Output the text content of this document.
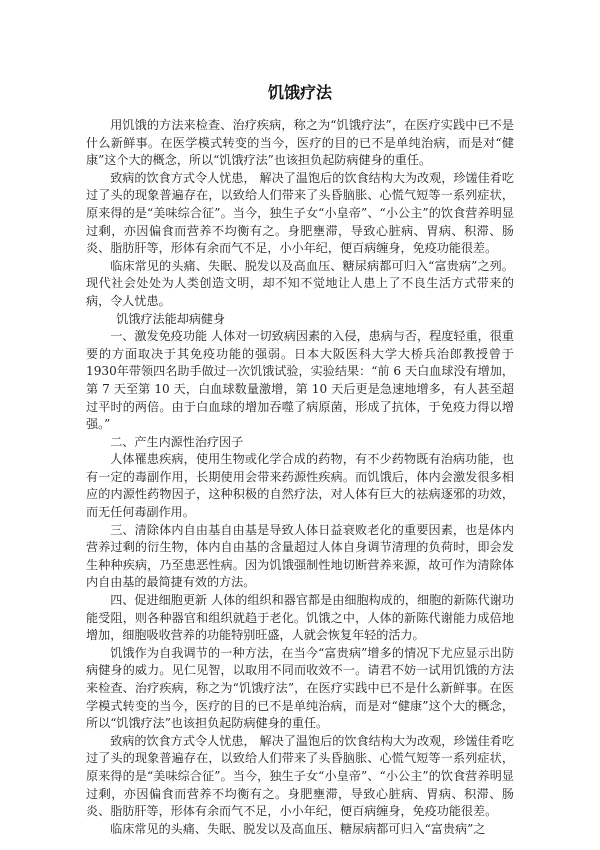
饥饿疗法

用饥饿的方法来检查、治疗疾病，称之为“饥饿疗法”，在医疗实践中已不是什么新鲜事。在医学模式转变的当今，医疗的目的已不是单纯治病，而是对“健康”这个大的概念，所以“饥饿疗法”也该担负起防病健身的重任。

致病的饮食方式令人忧患， 解决了温饱后的饮食结构大为改观，珍馐佳肴吃过了头的现象普遍存在，以致给人们带来了头昏脑胀、心慌气短等一系列症状，原来得的是“美味综合征”。当今，独生子女“小皇帝”、“小公主”的饮食营养明显过剩，亦因偏食而营养不均衡有之。身肥壅滞，导致心脏病、胃病、积滞、肠炎、脂肪肝等，形体有余而气不足，小小年纪，便百病缠身，免疫功能很差。

临床常见的头痛、失眠、脱发以及高血压、糖尿病都可归入“富贵病”之列。现代社会处处为人类创造文明，却不知不觉地让人患上了不良生活方式带来的病，令人忧患。

饥饿疗法能却病健身

一、激发免疫功能 人体对一切致病因素的入侵，患病与否，程度轻重，很重要的方面取决于其免疫功能的强弱。日本大阪医科大学大桥兵治郎教授曾于1930年带领四名助手做过一次饥饿试验，实验结果：“前 6 天白血球没有增加，第 7 天至第 10 天，白血球数量激增，第 10 天后更是急速地增多，有人甚至超过平时的两倍。由于白血球的增加吞噬了病原菌，形成了抗体，于免疫力得以增强。”

二、产生内源性治疗因子

人体罹患疾病，使用生物或化学合成的药物，有不少药物既有治病功能，也有一定的毒副作用，长期使用会带来药源性疾病。而饥饿后，体内会激发很多相应的内源性药物因子，这种积极的自然疗法，对人体有巨大的祛病逐邪的功效，而无任何毒副作用。

三、清除体内自由基自由基是导致人体日益衰败老化的重要因素，也是体内营养过剩的衍生物，体内自由基的含量超过人体自身调节清理的负荷时，即会发生种种疾病，乃至患恶性病。因为饥饿强制性地切断营养来源，故可作为清除体内自由基的最简捷有效的方法。

四、促进细胞更新 人体的组织和器官都是由细胞构成的，细胞的新陈代谢功能受阻，则各种器官和组织就趋于老化。饥饿之中，人体的新陈代谢能力成倍地增加，细胞吸收营养的功能特别旺盛，人就会恢复年轻的活力。

饥饿作为自我调节的一种方法，在当今“富贵病”增多的情况下尤应显示出防病健身的威力。见仁见智，以取用不同而收效不一。请君不妨一试用饥饿的方法来检查、治疗疾病，称之为“饥饿疗法”，在医疗实践中已不是什么新鲜事。在医学模式转变的当今，医疗的目的已不是单纯治病，而是对“健康”这个大的概念，所以“饥饿疗法”也该担负起防病健身的重任。

致病的饮食方式令人忧患， 解决了温饱后的饮食结构大为改观，珍馐佳肴吃过了头的现象普遍存在，以致给人们带来了头昏脑胀、心慌气短等一系列症状，原来得的是“美味综合征”。当今，独生子女“小皇帝”、“小公主”的饮食营养明显过剩，亦因偏食而营养不均衡有之。身肥壅滞，导致心脏病、胃病、积滞、肠炎、脂肪肝等，形体有余而气不足，小小年纪，便百病缠身，免疫功能很差。

临床常见的头痛、失眠、脱发以及高血压、糖尿病都可归入“富贵病”之
